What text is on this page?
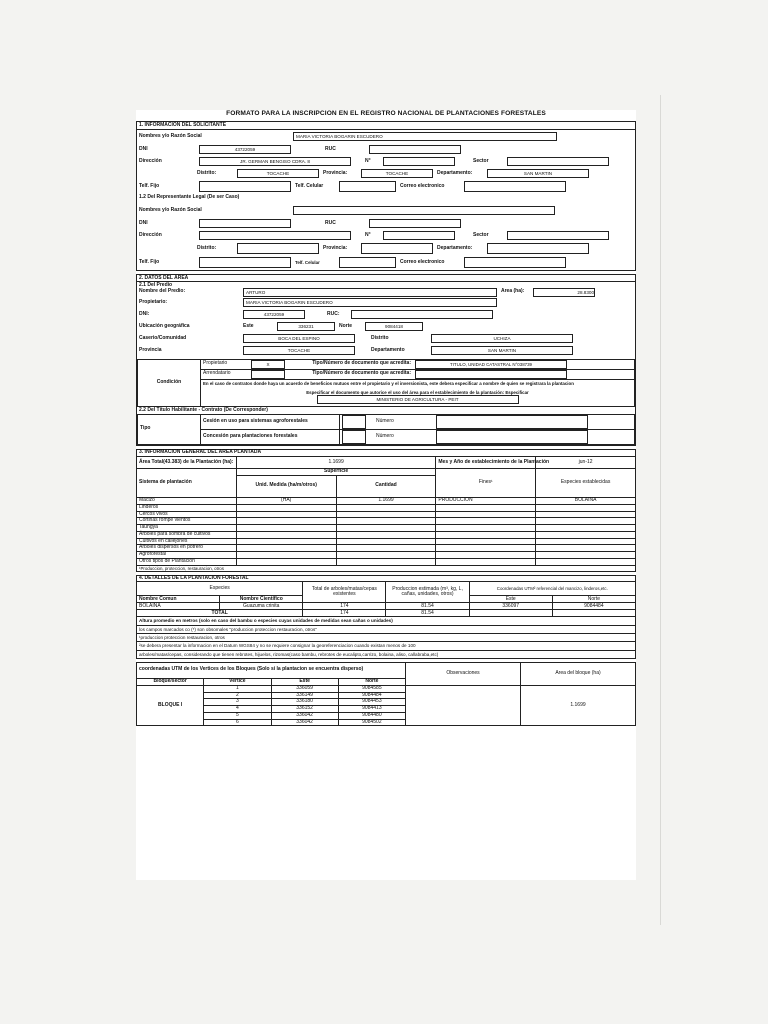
FORMATO PARA LA INSCRIPCION EN EL REGISTRO NACIONAL DE PLANTACIONES FORESTALES
1. INFORMACION DEL SOLICITANTE
Nombres y/o Razón Social	MARIA VICTORIA BOGARIN ESCUDERO
DNI	43722059	RUC
Dirección	JR. GERMAN BENGISO CDRA. 8	N°	Sector
Distrito:	TOCACHE	Provincia:	TOCACHE	Departamento:	SAN MARTIN
Telf. Fijo	Telf. Celular	Correo electronico
1.2 Del Representante Legal (De ser Caso)
Nombres y/o Razón Social
DNI	RUC
Dirección	N°	Sector
Distrito:	Provincia:	Departamento:
Telf. Fijo	Telf. Celular	Correo electronico
2. DATOS DEL AREA
2.1 Del Predio
Nombre del Predio:	ARTURO	Area (ha):	28.8300
Propietario:	MARIA VICTORIA BOGARIN ESCUDERO
DNI:	43722059	RUC:
Ubicación geográfica	Este	336231	Norte	9084418
Caserio/Comunidad	BOCA DEL ESPINO	Distrito	UCHIZA
Provincia	TOCACHE	Departamento	SAN MARTIN
Condición	Propietario	X	Tipo/Número de documento que acredita:	TITULO, UNIDAD CATASTRAL N°038739
	Arrendatario		Tipo/Número de documento que acredita:	
	En el caso de contratos donde haya un acuerdo de beneficios mutuos entre el propietario y el inversionista, este debera especificar a nombre de quien se registrara la plantacion			

	Especificar el documento que autorice el uso del área para el establecimiento de la plantación: Especificar
MINISTERIO DE AGRICULTURA - PEIT			
2.2 Del Título Habilitante - Contrato (De Corresponder)
Tipo	Cesión en uso para sistemas agroforestales		Número	
	Concesión para plantaciones forestales		Número	
3. INFORMACION GENERAL DEL AREA PLANTADA				
Área Total(43.383) de la Plantación (ha):	1.1699		Mes y Año de establecimiento de la Plantación	jun-12
Sistema de plantación	Superficie		Fines¹	Especies establecidas
	Unid. Medida (ha/m/otros)	Cantidad		
Macizo	(HA)	1.1699	PRODUCCION	BOLAINA
Linderos				
Cercos vivos				
Cortinas rompe vientos				
Taungya				
Árboles para sombra de cultivos				
Cultivos en callejones				
Árboles dispersos en potrero				
Agroforestal				
Otros tipos de Plantación				
¹Produccion, proteccion, restauracion, otros				
4. DETALLES DE LA PLANTACION FORESTAL					
Especies		Total de arboles/matas/cepas existentes	Produccion estimada (m³, kg, L, cañas, unidades, otros)	Coordenadas UTM² referencial del mancizo, linderos,etc.	
Nombre Comun	Nombre Científico			Este	Norte
BOLAINA	Guazuma crinita	174	81.54	336097	9084484
TOTAL		174	81.54		
Altura promedio en metros (solo en caso del bambu o especies cuyas unidades de medidas sean cañas o unidades)					
los campos marcados co (*) son obsomales "produccion proteccion restauracion, otros"					
¹produccion proteccion restauracion, otros					
²se debera presentar la informacion en el Datum WGS84 y no se requiere consignar la georeferenciacion cuando existan menos de 100					
arboles/matas/cepas, considerando que tienen rebrotes, hijuelos, rizomas(caso bambu, rebrotes de eucalipto,carrizo, bolaina, aliso, callabraba,etc)					
coordenadas UTM de los Vertices de los Bloques (Solo si la plantacion se encuentra disperso)				Observaciones	Area del bloque (ha)
Bloque/sector	Vertice	Este	Norte		
BLOQUE I	1	336059	9084585		1.1699
	2	336149	9084484		
	3	336180	9084453		
	4	336152	9084413		
	5	336042	9084480		
	6	336042	9084502		
